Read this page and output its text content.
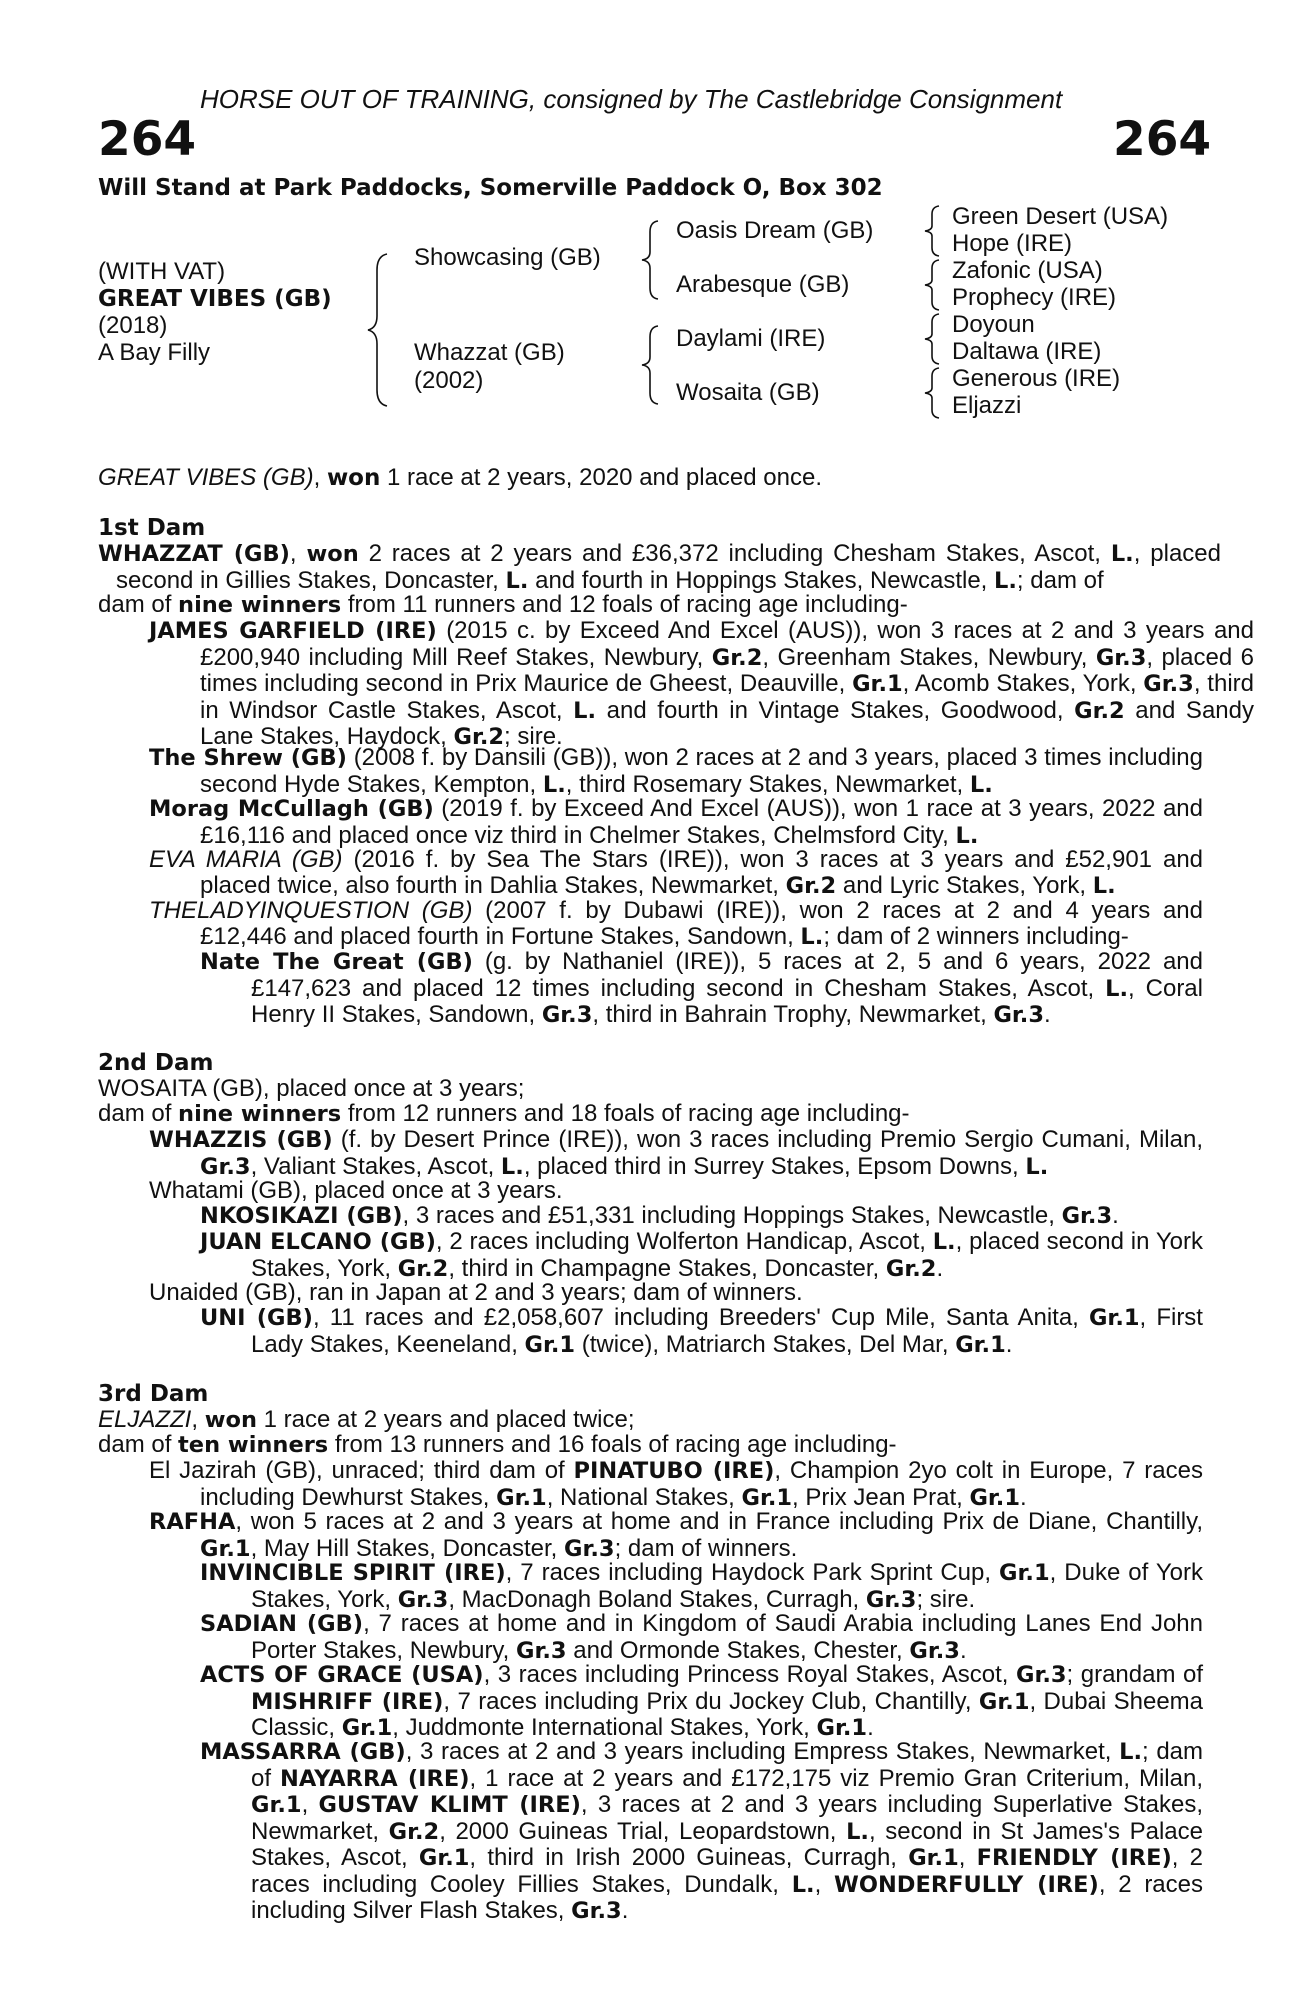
HORSE OUT OF TRAINING, consigned by The Castlebridge Consignment
264	264
Will Stand at Park Paddocks, Somerville Paddock O, Box 302
(WITH VAT)
GREAT VIBES (GB)
(2018)
A Bay Filly
Showcasing (GB)
Whazzat (GB)
(2002)
Oasis Dream (GB)
Arabesque (GB)
Daylami (IRE)
Wosaita (GB)
Green Desert (USA)
Hope (IRE)
Zafonic (USA)
Prophecy (IRE)
Doyoun
Daltawa (IRE)
Generous (IRE)
Eljazzi
GREAT VIBES (GB), won 1 race at 2 years, 2020 and placed once.
1st Dam
WHAZZAT (GB), won 2 races at 2 years and £36,372 including Chesham Stakes, Ascot, L., placed second in Gillies Stakes, Doncaster, L. and fourth in Hoppings Stakes, Newcastle, L.; dam of
dam of nine winners from 11 runners and 12 foals of racing age including-
JAMES GARFIELD (IRE) (2015 c. by Exceed And Excel (AUS)), won 3 races at 2 and 3 years and £200,940 including Mill Reef Stakes, Newbury, Gr.2, Greenham Stakes, Newbury, Gr.3, placed 6 times including second in Prix Maurice de Gheest, Deauville, Gr.1, Acomb Stakes, York, Gr.3, third in Windsor Castle Stakes, Ascot, L. and fourth in Vintage Stakes, Goodwood, Gr.2 and Sandy Lane Stakes, Haydock, Gr.2; sire.
The Shrew (GB) (2008 f. by Dansili (GB)), won 2 races at 2 and 3 years, placed 3 times including second Hyde Stakes, Kempton, L., third Rosemary Stakes, Newmarket, L.
Morag McCullagh (GB) (2019 f. by Exceed And Excel (AUS)), won 1 race at 3 years, 2022 and £16,116 and placed once viz third in Chelmer Stakes, Chelmsford City, L.
EVA MARIA (GB) (2016 f. by Sea The Stars (IRE)), won 3 races at 3 years and £52,901 and placed twice, also fourth in Dahlia Stakes, Newmarket, Gr.2 and Lyric Stakes, York, L.
THELADYINQUESTION (GB) (2007 f. by Dubawi (IRE)), won 2 races at 2 and 4 years and £12,446 and placed fourth in Fortune Stakes, Sandown, L.; dam of 2 winners including-
Nate The Great (GB) (g. by Nathaniel (IRE)), 5 races at 2, 5 and 6 years, 2022 and £147,623 and placed 12 times including second in Chesham Stakes, Ascot, L., Coral Henry II Stakes, Sandown, Gr.3, third in Bahrain Trophy, Newmarket, Gr.3.
2nd Dam
WOSAITA (GB), placed once at 3 years;
dam of nine winners from 12 runners and 18 foals of racing age including-
WHAZZIS (GB) (f. by Desert Prince (IRE)), won 3 races including Premio Sergio Cumani, Milan, Gr.3, Valiant Stakes, Ascot, L., placed third in Surrey Stakes, Epsom Downs, L.
Whatami (GB), placed once at 3 years.
NKOSIKAZI (GB), 3 races and £51,331 including Hoppings Stakes, Newcastle, Gr.3.
JUAN ELCANO (GB), 2 races including Wolferton Handicap, Ascot, L., placed second in York Stakes, York, Gr.2, third in Champagne Stakes, Doncaster, Gr.2.
Unaided (GB), ran in Japan at 2 and 3 years; dam of winners.
UNI (GB), 11 races and £2,058,607 including Breeders' Cup Mile, Santa Anita, Gr.1, First Lady Stakes, Keeneland, Gr.1 (twice), Matriarch Stakes, Del Mar, Gr.1.
3rd Dam
ELJAZZI, won 1 race at 2 years and placed twice;
dam of ten winners from 13 runners and 16 foals of racing age including-
El Jazirah (GB), unraced; third dam of PINATUBO (IRE), Champion 2yo colt in Europe, 7 races including Dewhurst Stakes, Gr.1, National Stakes, Gr.1, Prix Jean Prat, Gr.1.
RAFHA, won 5 races at 2 and 3 years at home and in France including Prix de Diane, Chantilly, Gr.1, May Hill Stakes, Doncaster, Gr.3; dam of winners.
INVINCIBLE SPIRIT (IRE), 7 races including Haydock Park Sprint Cup, Gr.1, Duke of York Stakes, York, Gr.3, MacDonagh Boland Stakes, Curragh, Gr.3; sire.
SADIAN (GB), 7 races at home and in Kingdom of Saudi Arabia including Lanes End John Porter Stakes, Newbury, Gr.3 and Ormonde Stakes, Chester, Gr.3.
ACTS OF GRACE (USA), 3 races including Princess Royal Stakes, Ascot, Gr.3; grandam of MISHRIFF (IRE), 7 races including Prix du Jockey Club, Chantilly, Gr.1, Dubai Sheema Classic, Gr.1, Juddmonte International Stakes, York, Gr.1.
MASSARRA (GB), 3 races at 2 and 3 years including Empress Stakes, Newmarket, L.; dam of NAYARRA (IRE), 1 race at 2 years and £172,175 viz Premio Gran Criterium, Milan, Gr.1, GUSTAV KLIMT (IRE), 3 races at 2 and 3 years including Superlative Stakes, Newmarket, Gr.2, 2000 Guineas Trial, Leopardstown, L., second in St James's Palace Stakes, Ascot, Gr.1, third in Irish 2000 Guineas, Curragh, Gr.1, FRIENDLY (IRE), 2 races including Cooley Fillies Stakes, Dundalk, L., WONDERFULLY (IRE), 2 races including Silver Flash Stakes, Gr.3.
